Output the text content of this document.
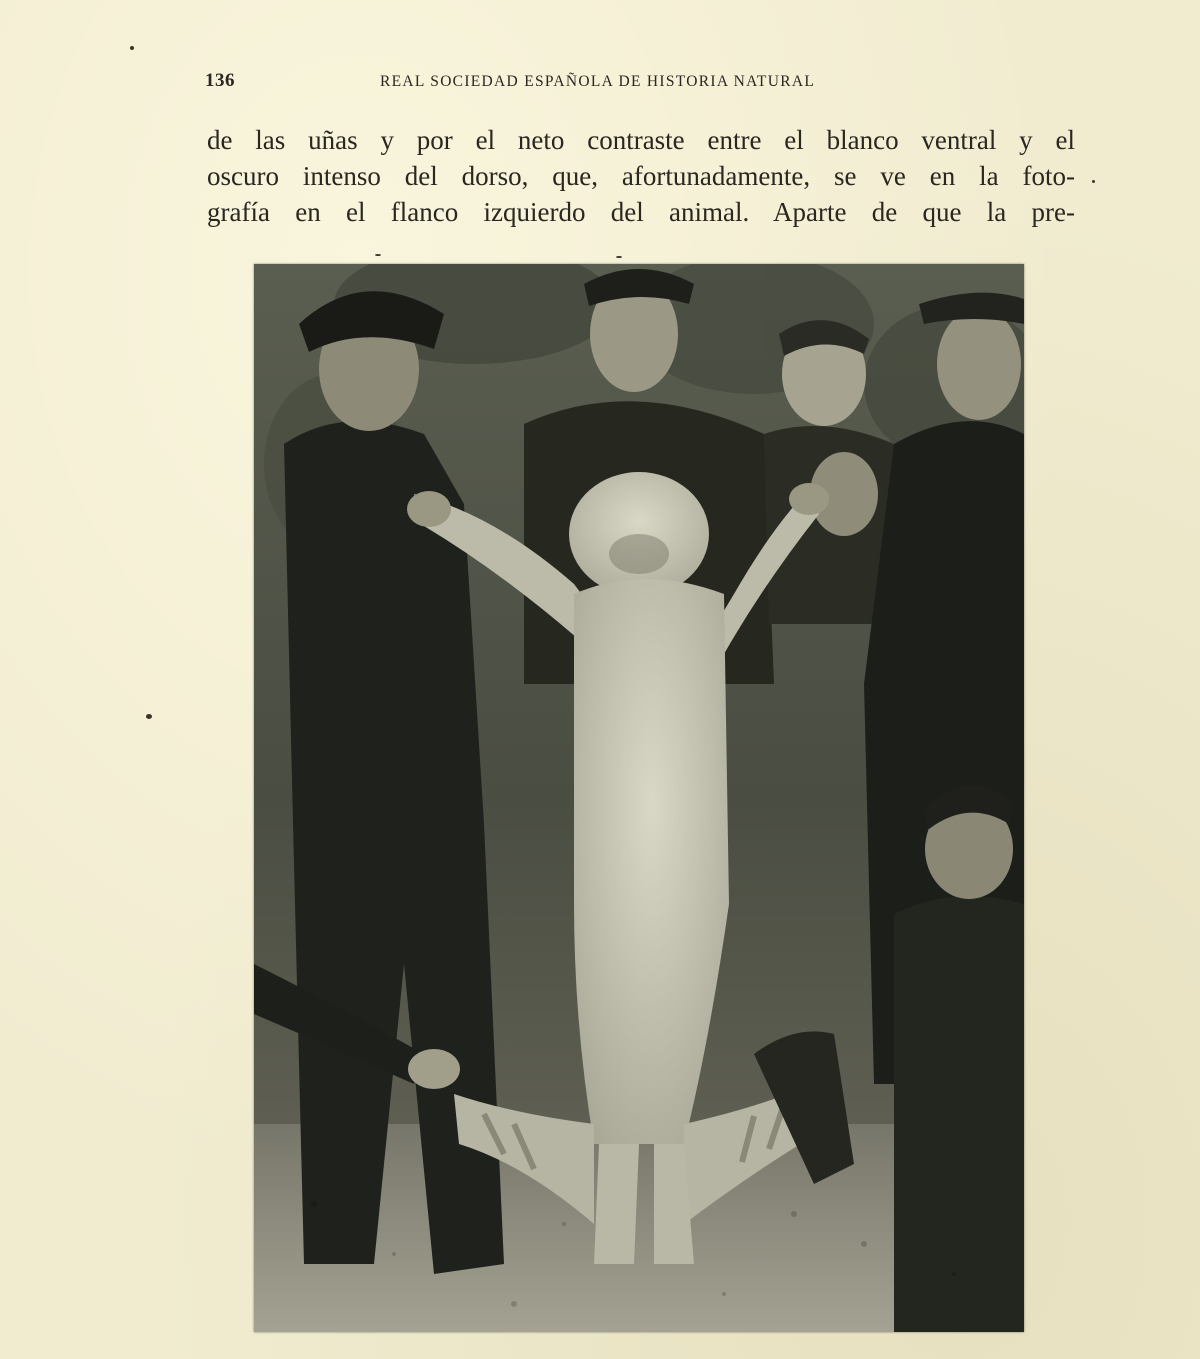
136	REAL SOCIEDAD ESPAÑOLA DE HISTORIA NATURAL
de las uñas y por el neto contraste entre el blanco ventral y el
oscuro intenso del dorso, que, afortunadamente, se ve en la foto-
grafía en el flanco izquierdo del animal. Aparte de que la pre-
